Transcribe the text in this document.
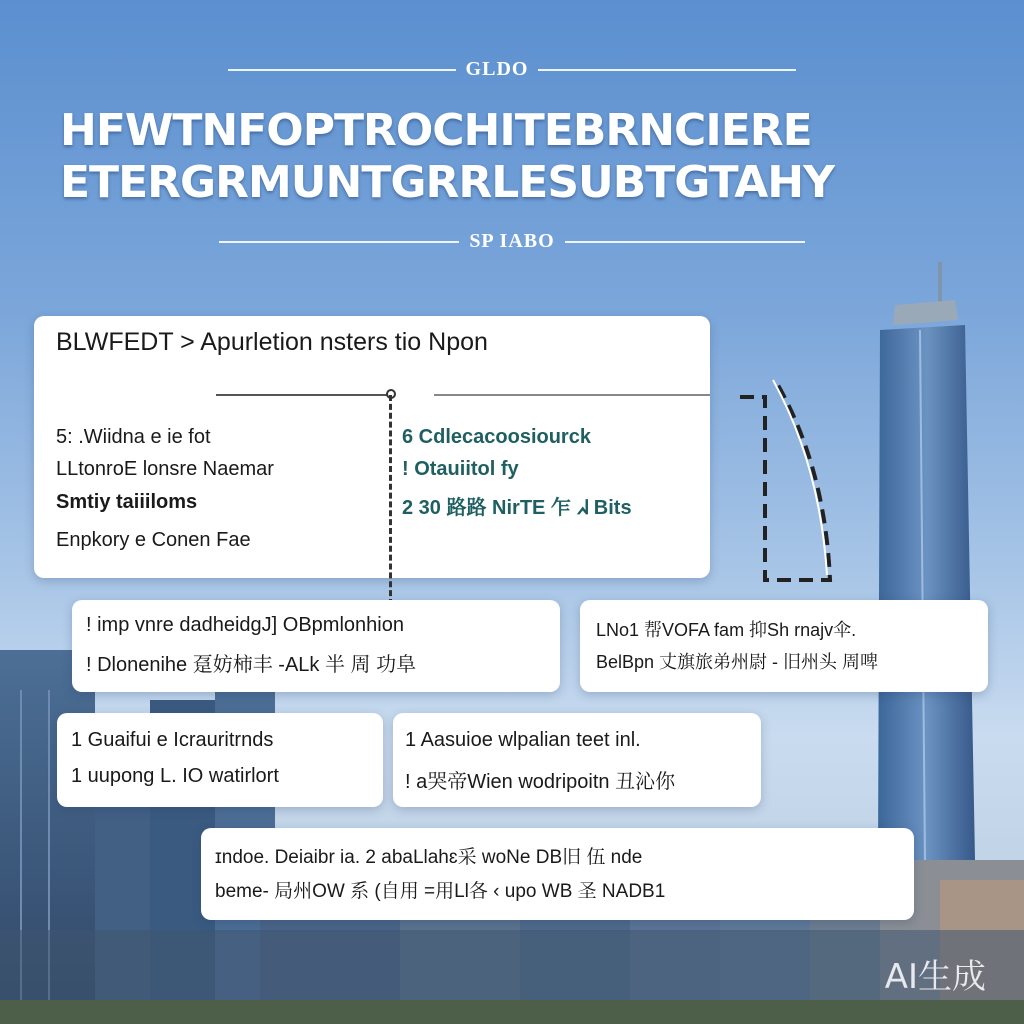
GLDO
HFWTNFOPTROCHITEBRNCIERE
ETERGRMUNTGRRLESUBTGTAHY
SP IABO
BLWFEDT > Apurletion nsters tio Npon
5: .Wiidna e ie fot
LLtonroE lonsre Naemar
Smtiy taiiiloms
Enpkory e Conen Fae
6 Cdlecacoosiourck
! Otauiitol fy
2 30 路路 NirTE 乍 ᖽ Bits
! imp vnre dadheidgJ] OBpmlonhion
! Dlonenihe 趸妨柿丰 -ALk 半 周 功阜
LNo1 帮VOFA fam 抑Sh rnajv伞.
BelBpn 丈旗旅弟州尉 - 旧州头 周啤
1 Guaifui e Icrauritrnds
1 uupong L. IO watirlort
1 Aasuioe wlpalian teet inl.
! a哭帝Wien wodripoitn 丑沁你
ɪndoe. Deiaibr ia. 2 abaLlahɛ采 woNe DB旧 伍 nde
beme- 局州OW 系 (自用 =用Ll各 ‹ upo WB 圣 NADB1
AI生成
